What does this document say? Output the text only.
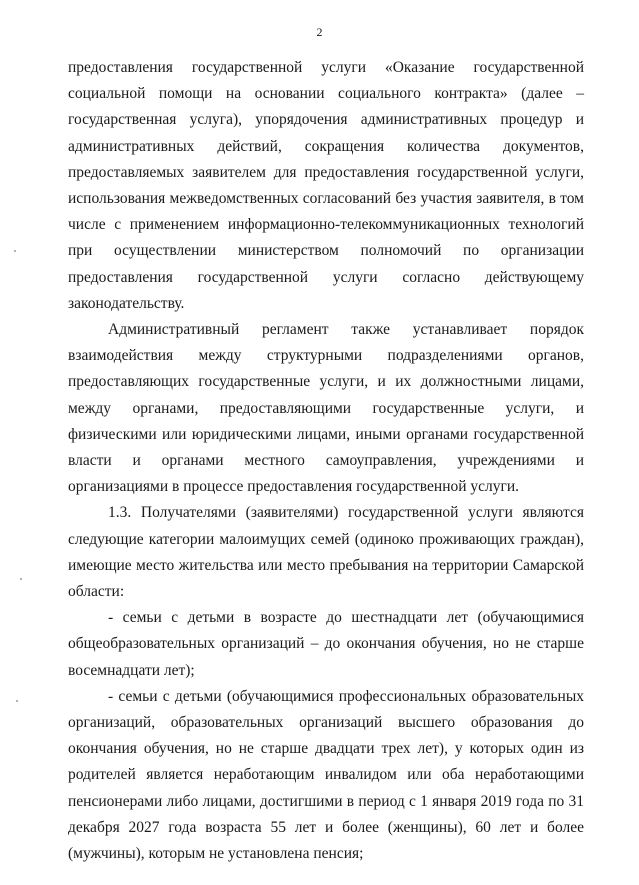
2

предоставления государственной услуги «Оказание государственной социальной помощи на основании социального контракта» (далее – государственная услуга), упорядочения административных процедур и административных действий, сокращения количества документов, предоставляемых заявителем для предоставления государственной услуги, использования межведомственных согласований без участия заявителя, в том числе с применением информационно-телекоммуникационных технологий при осуществлении министерством полномочий по организации предоставления государственной услуги согласно действующему законодательству.

Административный регламент также устанавливает порядок взаимодействия между структурными подразделениями органов, предоставляющих государственные услуги, и их должностными лицами, между органами, предоставляющими государственные услуги, и физическими или юридическими лицами, иными органами государственной власти и органами местного самоуправления, учреждениями и организациями в процессе предоставления государственной услуги.

1.3. Получателями (заявителями) государственной услуги являются следующие категории малоимущих семей (одиноко проживающих граждан), имеющие место жительства или место пребывания на территории Самарской области:

- семьи с детьми в возрасте до шестнадцати лет (обучающимися общеобразовательных организаций – до окончания обучения, но не старше восемнадцати лет);

- семьи с детьми (обучающимися профессиональных образовательных организаций, образовательных организаций высшего образования до окончания обучения, но не старше двадцати трех лет), у которых один из родителей является неработающим инвалидом или оба неработающими пенсионерами либо лицами, достигшими в период с 1 января 2019 года по 31 декабря 2027 года возраста 55 лет и более (женщины), 60 лет и более (мужчины), которым не установлена пенсия;
